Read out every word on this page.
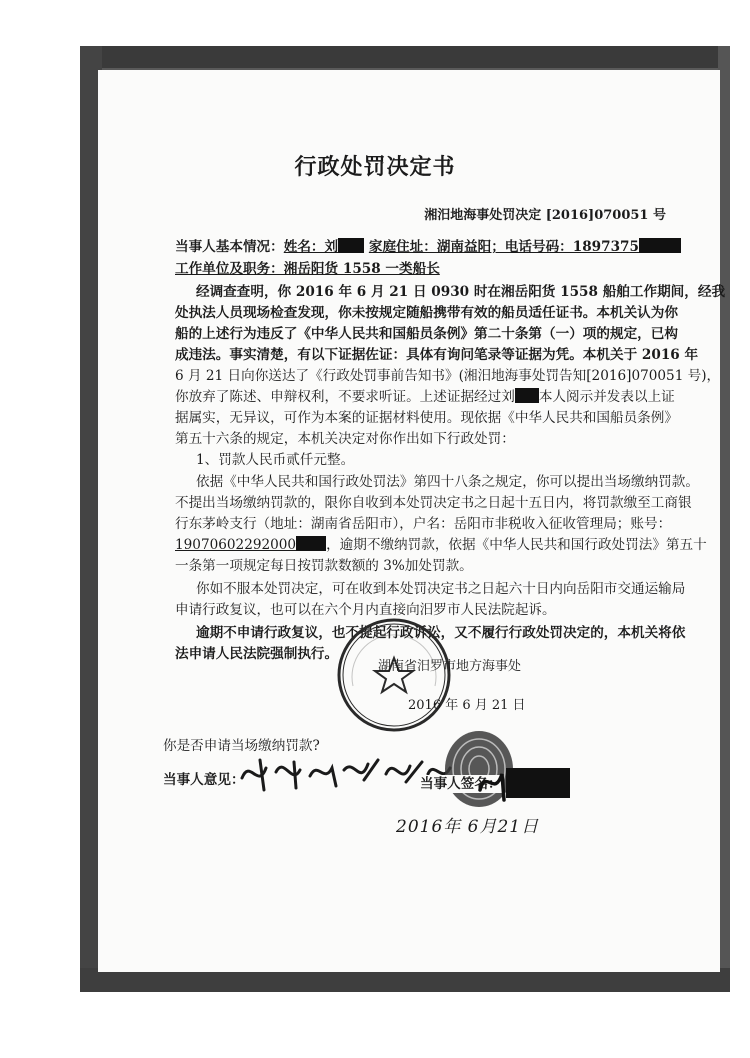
行政处罚决定书
湘汨地海事处罚决定 [2016]070051 号
当事人基本情况：姓名：刘 家庭住址：湖南益阳；电话号码：1897375
工作单位及职务：湘岳阳货 1558 一类船长
经调查查明，你 2016 年 6 月 21 日 0930 时在湘岳阳货 1558 船舶工作期间，经我
处执法人员现场检查发现，你未按规定随船携带有效的船员适任证书。本机关认为你
船的上述行为违反了《中华人民共和国船员条例》第二十条第（一）项的规定，已构
成违法。事实清楚，有以下证据佐证：具体有询问笔录等证据为凭。本机关于 2016 年
6 月 21 日向你送达了《行政处罚事前告知书》(湘汨地海事处罚告知[2016]070051 号)，
你放弃了陈述、申辩权利，不要求听证。上述证据经过刘 本人阅示并发表以上证
据属实，无异议，可作为本案的证据材料使用。现依据《中华人民共和国船员条例》
第五十六条的规定，本机关决定对你作出如下行政处罚：
1、罚款人民币贰仟元整。
依据《中华人民共和国行政处罚法》第四十八条之规定，你可以提出当场缴纳罚款。
不提出当场缴纳罚款的，限你自收到本处罚决定书之日起十五日内，将罚款缴至工商银
行东茅岭支行（地址：湖南省岳阳市），户名：岳阳市非税收入征收管理局；账号：
19070602292000 ，逾期不缴纳罚款，依据《中华人民共和国行政处罚法》第五十
一条第一项规定每日按罚款数额的 3%加处罚款。
你如不服本处罚决定，可在收到本处罚决定书之日起六十日内向岳阳市交通运输局
申请行政复议，也可以在六个月内直接向汨罗市人民法院起诉。
逾期不申请行政复议，也不提起行政诉讼，又不履行行政处罚决定的，本机关将依
法申请人民法院强制执行。
湖南省汨罗市地方海事处
2016 年 6 月 21 日
你是否申请当场缴纳罚款?
当事人意见：	当事人签名：
2016年 6月21日
